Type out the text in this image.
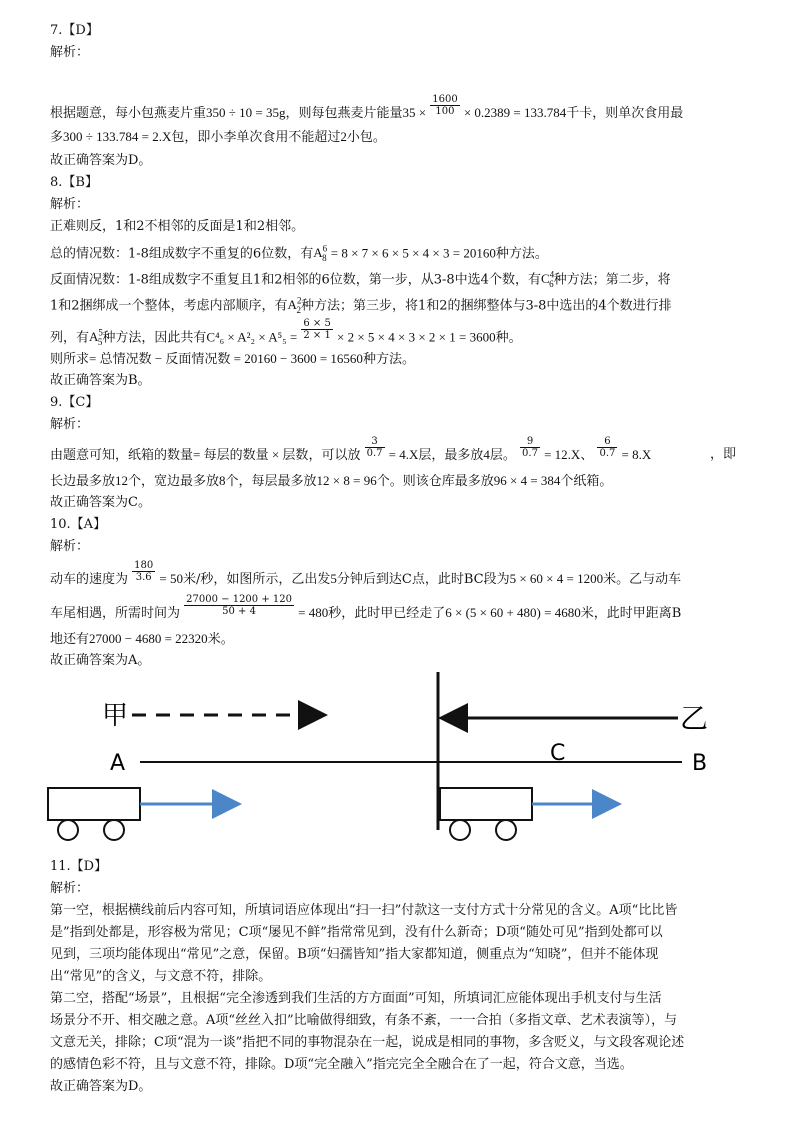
7.【D】
解析：
根据题意，每小包燕麦片重350 ÷ 10 = 35g，则每包燕麦片能量$35 \times \frac{1600}{100} \times 0.2389 = 133.784$千卡，则单次食用最
多300 ÷ 133.784 = 2.X包，即小李单次食用不能超过2小包。
故正确答案为D。
8.【B】
解析：
正难则反，1和2不相邻的反面是1和2相邻。
总的情况数：1-8组成数字不重复的6位数，有$A^6_8 = 8 \times 7 \times 6 \times 5 \times 4 \times 3 = 20160$种方法。
反面情况数：1-8组成数字不重复且1和2相邻的6位数，第一步，从3-8中选4个数，有$C^4_6$种方法；第二步，将
1和2捆绑成一个整体，考虑内部顺序，有$A^2_2$种方法；第三步，将1和2的捆绑整体与3-8中选出的4个数进行排
列，有$A^5_5$种方法，因此共有$C^4_6 \times A^2_2 \times A^5_5 = \frac{6 \times 5}{2 \times 1} \times 2 \times 5 \times 4 \times 3 \times 2 \times 1 = 3600$种。
则所求= 总情况数 − 反面情况数 = 20160 − 3600 = 16560种方法。
故正确答案为B。
9.【C】
解析：
由题意可知，纸箱的数量= 每层的数量 × 层数，可以放 $\frac{3}{0.7} = 4.X$层，最多放4层。 $\frac{9}{0.7} = 12.X$、 $\frac{6}{0.7} = 8.X$	，即
长边最多放12个，宽边最多放8个，每层最多放12 × 8 = 96个。则该仓库最多放96 × 4 = 384个纸箱。
故正确答案为C。
10.【A】
解析：
动车的速度为 $\frac{180}{3.6} = 50$米/秒，如图所示，乙出发5分钟后到达C点，此时BC段为5 × 60 × 4 = 1200米。乙与动车
车尾相遇，所需时间为 $\frac{27000 - 1200 + 120}{50 + 4} = 480$秒，此时甲已经走了6 × (5 × 60 + 480) = 4680米，此时甲距离B
地还有27000 − 4680 = 22320米。
故正确答案为A。
甲	乙
A	B
C
11.【D】
解析：
第一空，根据横线前后内容可知，所填词语应体现出“扫一扫”付款这一支付方式十分常见的含义。A项“比比皆
是”指到处都是，形容极为常见；C项“屡见不鲜”指常常见到，没有什么新奇；D项“随处可见”指到处都可以
见到，三项均能体现出“常见”之意，保留。B项“妇孺皆知”指大家都知道，侧重点为“知晓”，但并不能体现
出“常见”的含义，与文意不符，排除。
第二空，搭配“场景”，且根据“完全渗透到我们生活的方方面面”可知，所填词汇应能体现出手机支付与生活
场景分不开、相交融之意。A项“丝丝入扣”比喻做得细致，有条不紊，一一合拍（多指文章、艺术表演等），与
文意无关，排除；C项“混为一谈”指把不同的事物混杂在一起，说成是相同的事物，多含贬义，与文段客观论述
的感情色彩不符，且与文意不符，排除。D项“完全融入”指完完全全融合在了一起，符合文意，当选。
故正确答案为D。
